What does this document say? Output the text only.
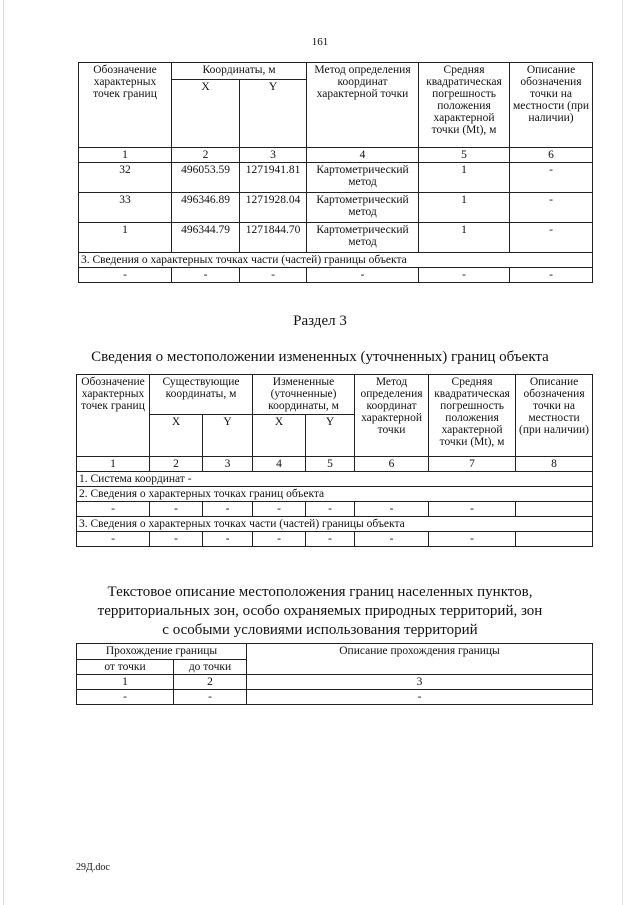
161
Обозначение характерных точек границ	Координаты, м		Метод определения координат характерной точки	Средняя квадратическая погрешность положения характерной точки (Mt), м	Описание обозначения точки на местности (при наличии)
	X	Y			
1	2	3	4	5	6
32	496053.59	1271941.81	Картометрический метод	1	-
33	496346.89	1271928.04	Картометрический метод	1	-
1	496344.79	1271844.70	Картометрический метод	1	-
3. Сведения о характерных точках части (частей) границы объекта					
-	-	-	-	-	-
Раздел 3
Сведения о местоположении измененных (уточненных) границ объекта
Обозначение характерных точек границ	Существующие координаты, м		Измененные (уточненные) координаты, м		Метод определения координат характерной точки	Средняя квадратическая погрешность положения характерной точки (Mt), м	Описание обозначения точки на местности (при наличии)
	X	Y	X	Y			
1	2	3	4	5	6	7	8
1. Система координат -							
2. Сведения о характерных точках границ объекта							
-	-	-	-	-	-	-	
3. Сведения о характерных точках части (частей) границы объекта							
-	-	-	-	-	-	-	
Текстовое описание местоположения границ населенных пунктов,
территориальных зон, особо охраняемых природных территорий, зон
с особыми условиями использования территорий
Прохождение границы		Описание прохождения границы
от точки	до точки	
1	2	3
-	-	-
29Д.doc
